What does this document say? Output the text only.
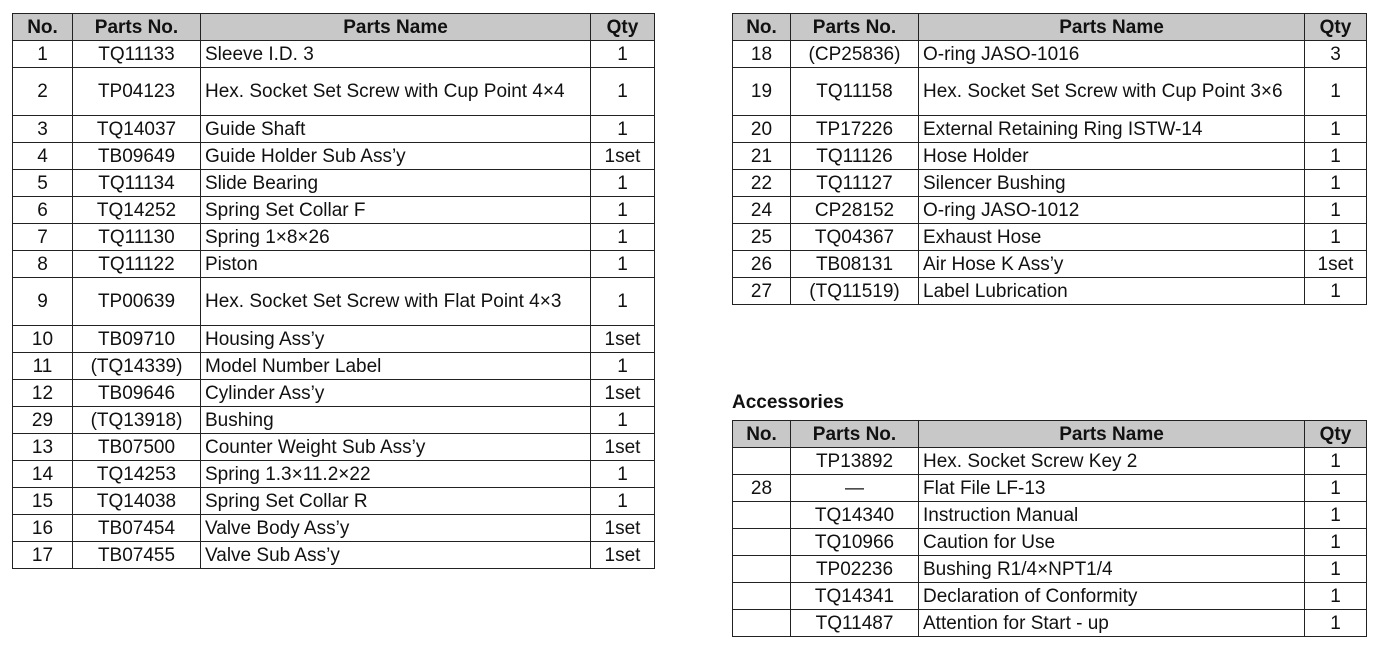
No.	Parts No.	Parts Name	Qty
1	TQ11133	Sleeve I.D. 3	1
2	TP04123	Hex. Socket Set Screw with Cup Point 4×4	1
3	TQ14037	Guide Shaft	1
4	TB09649	Guide Holder Sub Ass’y	1set
5	TQ11134	Slide Bearing	1
6	TQ14252	Spring Set Collar F	1
7	TQ11130	Spring 1×8×26	1
8	TQ11122	Piston	1
9	TP00639	Hex. Socket Set Screw with Flat Point 4×3	1
10	TB09710	Housing Ass’y	1set
11	(TQ14339)	Model Number Label	1
12	TB09646	Cylinder Ass’y	1set
29	(TQ13918)	Bushing	1
13	TB07500	Counter Weight Sub Ass’y	1set
14	TQ14253	Spring 1.3×11.2×22	1
15	TQ14038	Spring Set Collar R	1
16	TB07454	Valve Body Ass’y	1set
17	TB07455	Valve Sub Ass’y	1set
No.	Parts No.	Parts Name	Qty
18	(CP25836)	O-ring JASO-1016	3
19	TQ11158	Hex. Socket Set Screw with Cup Point 3×6	1
20	TP17226	External Retaining Ring ISTW-14	1
21	TQ11126	Hose Holder	1
22	TQ11127	Silencer Bushing	1
24	CP28152	O-ring JASO-1012	1
25	TQ04367	Exhaust Hose	1
26	TB08131	Air Hose K Ass’y	1set
27	(TQ11519)	Label Lubrication	1
Accessories
No.	Parts No.	Parts Name	Qty
	TP13892	Hex. Socket Screw Key 2	1
28	—	Flat File LF-13	1
	TQ14340	Instruction Manual	1
	TQ10966	Caution for Use	1
	TP02236	Bushing R1/4×NPT1/4	1
	TQ14341	Declaration of Conformity	1
	TQ11487	Attention for Start - up	1
